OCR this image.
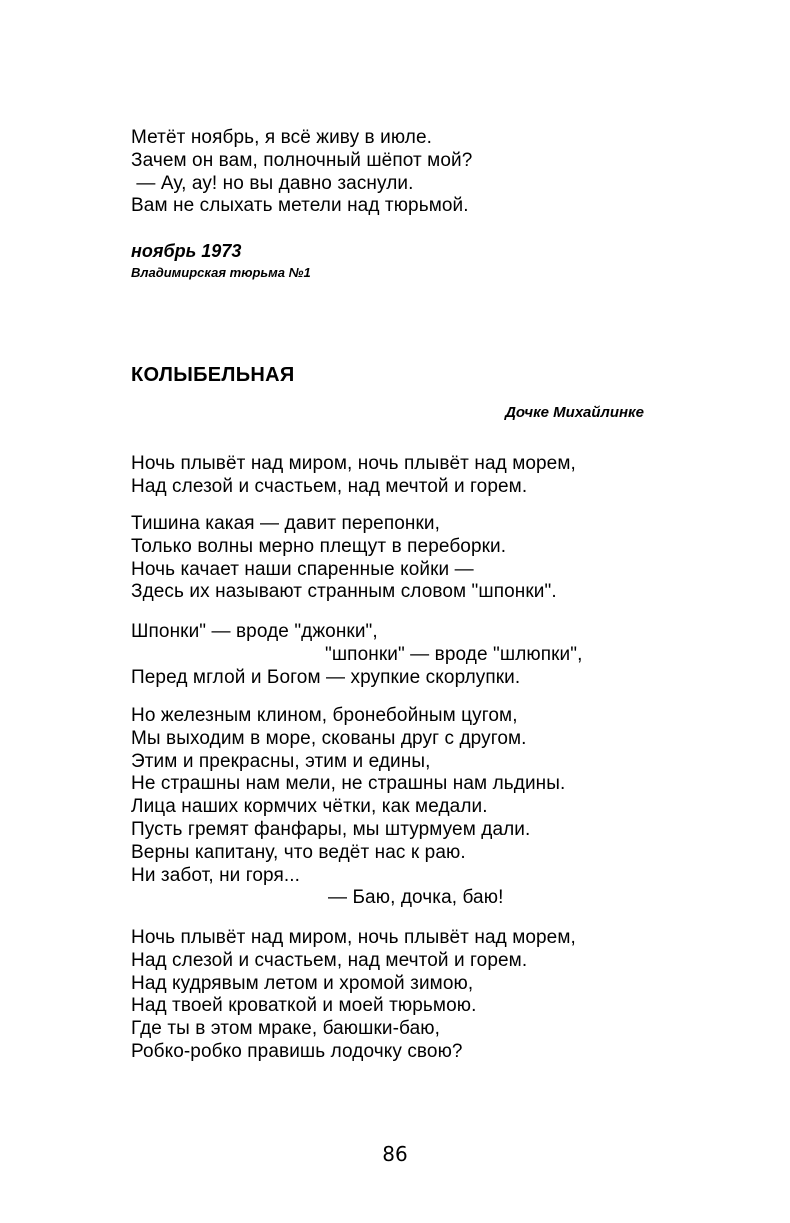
Метёт ноябрь, я всё живу в июле.
Зачем он вам, полночный шёпот мой?
— Ау, ау! но вы давно заснули.
Вам не слыхать метели над тюрьмой.
ноябрь 1973
Владимирская тюрьма №1
КОЛЫБЕЛЬНАЯ
Дочке Михайлинке
Ночь плывёт над миром, ночь плывёт над морем,
Над слезой и счастьем, над мечтой и горем.
Тишина какая — давит перепонки,
Только волны мерно плещут в переборки.
Ночь качает наши спаренные койки —
Здесь их называют странным словом "шпонки".
Шпонки" — вроде "джонки",
"шпонки" — вроде "шлюпки",
Перед мглой и Богом — хрупкие скорлупки.
Но железным клином, бронебойным цугом,
Мы выходим в море, скованы друг с другом.
Этим и прекрасны, этим и едины,
Не страшны нам мели, не страшны нам льдины.
Лица наших кормчих чётки, как медали.
Пусть гремят фанфары, мы штурмуем дали.
Верны капитану, что ведёт нас к раю.
Ни забот, ни горя...
— Баю, дочка, баю!
Ночь плывёт над миром, ночь плывёт над морем,
Над слезой и счастьем, над мечтой и горем.
Над кудрявым летом и хромой зимою,
Над твоей кроваткой и моей тюрьмою.
Где ты в этом мраке, баюшки-баю,
Робко-робко правишь лодочку свою?
86
